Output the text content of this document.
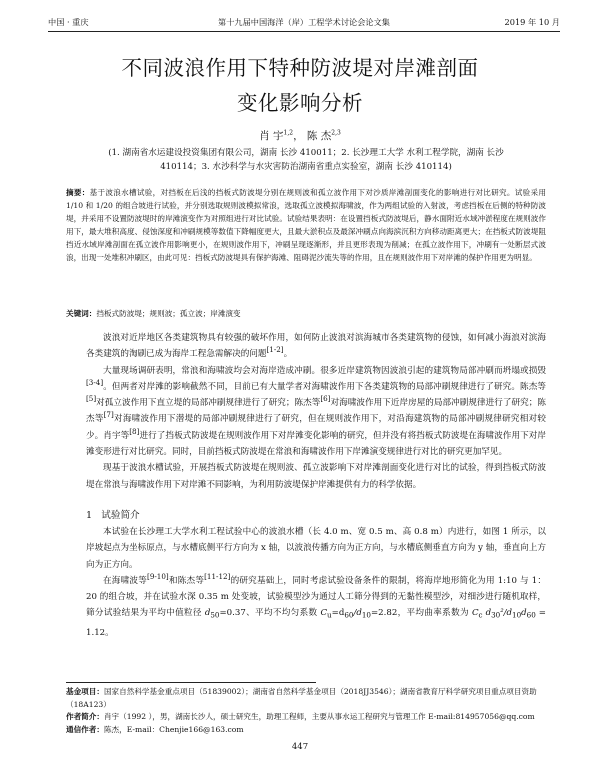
中国 · 重庆	第十九届中国海洋（岸）工程学术讨论会论文集	2019 年 10 月
不同波浪作用下特种防波堤对岸滩剖面
变化影响分析
肖 宇$^{1,2}$， 陈 杰$^{2,3}$
(1. 湖南省水运建设投资集团有限公司，湖南 长沙 410011；2. 长沙理工大学 水利工程学院，湖南 长沙
410114；3. 水沙科学与水灾害防治湖南省重点实验室，湖南 长沙 410114)
摘要：基于波浪水槽试验，对挡板在后浅的挡板式防波堤分别在规则波和孤立波作用下对沙质岸滩剖面变化的影响进行对比研究。试验采用 1/10 和 1/20 的组合坡进行试验，并分别选取规则波模拟常浪，选取孤立波模拟海啸波，作为两组试验的入射波，考虑挡板在后侧的特种防波堤，并采用不设置防波堤时的岸滩演变作为对照组进行对比试验。试验结果表明：在设置挡板式防波堤后，静水面附近水域冲淤程度在规则波作用下，最大堆积高度、侵蚀深度和冲刷规模等数值下降幅度更大，且最大淤积点及最深冲刷点向海滨沉积方向移动距离更大；在挡板式防波堤阻挡近水域岸滩剖面在孤立波作用影响更小，在规则波作用下，冲刷呈现逐渐形，并且更形表现为削减；在孤立波作用下，冲刷有一处断层式波浪，出现一处堆积冲刷区，由此可见：挡板式防波堤具有保护海滩、阻碍泥沙流失等的作用，且在规则波作用下对岸滩的保护作用更为明显。
关键词：挡板式防波堤；规则波；孤立波；岸滩演变

波浪对近岸地区各类建筑物具有较强的破坏作用，如何防止波浪对滨海城市各类建筑物的侵蚀，如何减小海浪对滨海各类建筑的淘刷已成为海岸工程急需解决的问题[1-2]。

大量现场调研表明，常浪和海啸波均会对海岸造成冲刷。很多近岸建筑物因波浪引起的建筑物局部冲刷而坍塌或损毁[3-4]。但两者对岸滩的影响截然不同，目前已有大量学者对海啸波作用下各类建筑物的局部冲刷规律进行了研究。陈杰等[5]对孤立波作用下直立堤的局部冲刷规律进行了研究；陈杰等[6]对海啸波作用下近岸房屋的局部冲刷规律进行了研究；陈杰等[7]对海啸波作用下潜堤的局部冲刷规律进行了研究，但在规则波作用下，对沿海建筑物的局部冲刷规律研究相对较少。肖宇等[8]进行了挡板式防波堤在规则波作用下对岸滩变化影响的研究，但并没有将挡板式防波堤在海啸波作用下对岸滩变形进行对比研究。同时，目前挡板式防波堤在常浪和海啸波作用下岸滩演变规律进行对比的研究更加罕见。

现基于波浪水槽试验，开展挡板式防波堤在规则波、孤立波影响下对岸滩剖面变化进行对比的试验，得到挡板式防波堤在常浪与海啸波作用下对岸滩不同影响，为利用防波堤保护岸滩提供有力的科学依据。

1 试验简介

本试验在长沙理工大学水利工程试验中心的波浪水槽（长 4.0 m、宽 0.5 m、高 0.8 m）内进行，如图 1 所示，以岸坡起点为坐标原点，与水槽底侧平行方向为 x 轴，以波浪传播方向为正方向，与水槽底侧垂直方向为 y 轴，垂直向上方向为正方向。

在海啸波等[9-10]和陈杰等[11-12]的研究基础上，同时考虑试验设备条件的限制，将海岸地形简化为用 1:10 与 1：20 的组合坡，并在试验水深 0.35 m 处变坡，试验模型沙为通过人工筛分得到的无黏性模型沙，对细沙进行随机取样，筛分试验结果为平均中值粒径 $d_{50}=0.37$、平均不均匀系数 $C_u=d_{60}/d_{10}=2.82$，平均曲率系数为 $C_c$ $d_{30}^2/d_{10}d_{60} = 1.12$。

基金项目：国家自然科学基金重点项目（51839002）；湖南省自然科学基金项目（2018JJ3546）；湖南省教育厅科学研究项目重点项目资助（18A123）
作者简介：肖宇（1992 ），男，湖南长沙人，硕士研究生，助理工程师，主要从事水运工程研究与管理工作 E-mail:814957056@qq.com
通信作者：陈杰，E-mail：Chenjie166@163.com
447
